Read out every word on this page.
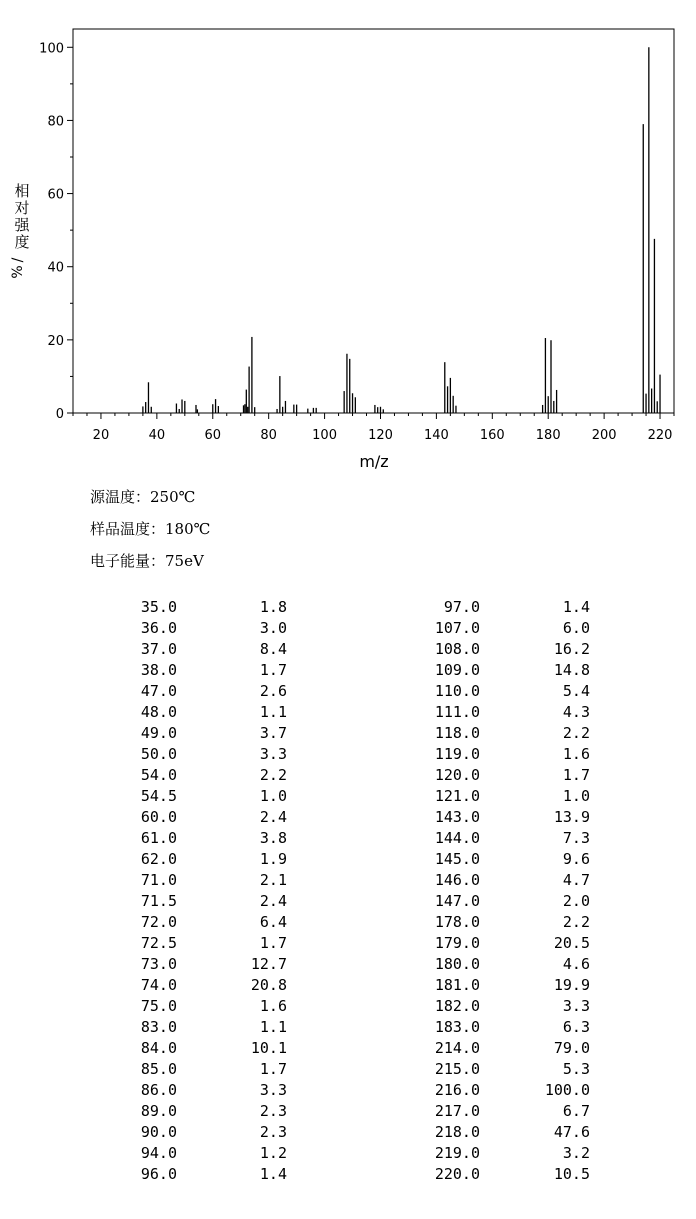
相
对
强
度
%
/
0
20
40
60
80
100
20	40	60	80	100 120 140 160 180 200 220
m/z
源温度：250℃
样品温度：180℃
电子能量：75eV
35.0	1.8	97.0	1.4
36.0	3.0	107.0	6.0
37.0	8.4	108.0	16.2
38.0	1.7	109.0	14.8
47.0	2.6	110.0	5.4
48.0	1.1	111.0	4.3
49.0	3.7	118.0	2.2
50.0	3.3	119.0	1.6
54.0	2.2	120.0	1.7
54.5	1.0	121.0	1.0
60.0	2.4	143.0	13.9
61.0	3.8	144.0	7.3
62.0	1.9	145.0	9.6
71.0	2.1	146.0	4.7
71.5	2.4	147.0	2.0
72.0	6.4	178.0	2.2
72.5	1.7	179.0	20.5
73.0	12.7	180.0	4.6
74.0	20.8	181.0	19.9
75.0	1.6	182.0	3.3
83.0	1.1	183.0	6.3
84.0	10.1	214.0	79.0
85.0	1.7	215.0	5.3
86.0	3.3	216.0	100.0
89.0	2.3	217.0	6.7
90.0	2.3	218.0	47.6
94.0	1.2	219.0	3.2
96.0	1.4	220.0	10.5
